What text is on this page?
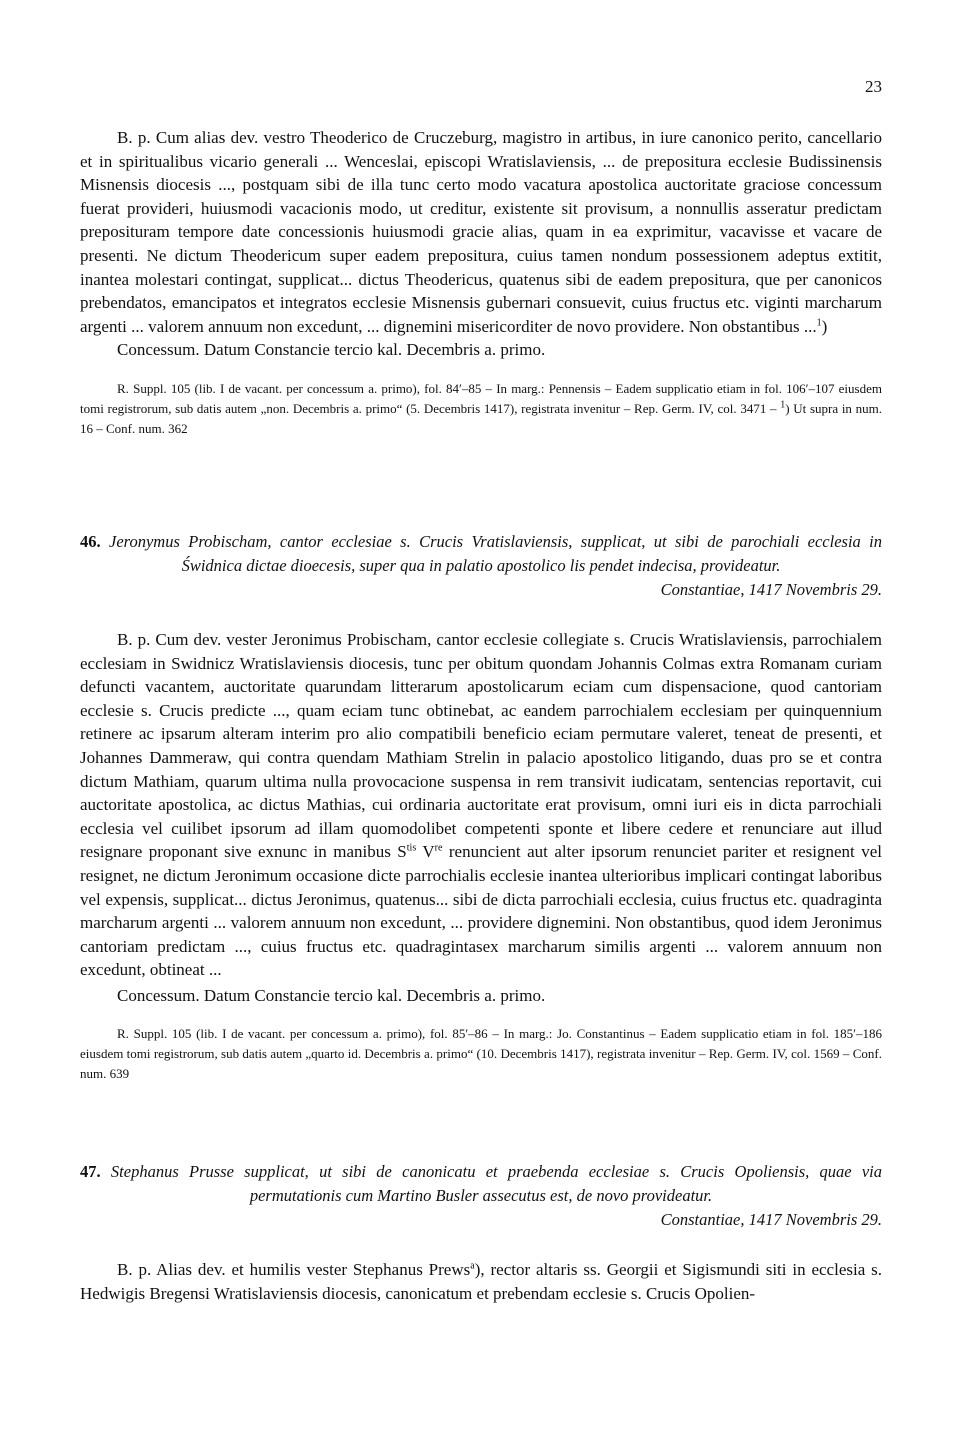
23

B. p. Cum alias dev. vestro Theoderico de Cruczeburg, magistro in artibus, in iure canonico perito, cancellario et in spiritualibus vicario generali ... Wenceslai, episcopi Wratislaviensis, ... de prepositura ecclesie Budissinensis Misnensis diocesis ..., postquam sibi de illa tunc certo modo vacatura apostolica auctoritate graciose concessum fuerat provideri, huiusmodi vacacionis modo, ut creditur, existente sit provisum, a nonnullis asseratur predictam preposituram tempore date concessionis huiusmodi gracie alias, quam in ea exprimitur, vacavisse et vacare de presenti. Ne dictum Theodericum super eadem prepositura, cuius tamen nondum possessionem adeptus extitit, inantea molestari contingat, supplicat... dictus Theodericus, quatenus sibi de eadem prepositura, que per canonicos prebendatos, emancipatos et integratos ecclesie Misnensis gubernari consuevit, cuius fructus etc. viginti marcharum argenti ... valorem annuum non excedunt, ... dignemini misericorditer de novo providere. Non obstantibus ...$^1$)

Concessum. Datum Constancie tercio kal. Decembris a. primo.

R. Suppl. 105 (lib. I de vacant. per concessum a. primo), fol. 84′–85 – In marg.: Pennensis – Eadem supplicatio etiam in fol. 106′–107 eiusdem tomi registrorum, sub datis autem „non. Decembris a. primo“ (5. Decembris 1417), registrata invenitur – Rep. Germ. IV, col. 3471 – $^1$) Ut supra in num. 16 – Conf. num. 362

46. Jeronymus Probischam, cantor ecclesiae s. Crucis Vratislaviensis, supplicat, ut sibi de parochiali ecclesia in Świdnica dictae dioecesis, super qua in palatio apostolico lis pendet indecisa, provideatur.

Constantiae, 1417 Novembris 29.

B. p. Cum dev. vester Jeronimus Probischam, cantor ecclesie collegiate s. Crucis Wratislaviensis, parrochialem ecclesiam in Swidnicz Wratislaviensis diocesis, tunc per obitum quondam Johannis Colmas extra Romanam curiam defuncti vacantem, auctoritate quarundam litterarum apostolicarum eciam cum dispensacione, quod cantoriam ecclesie s. Crucis predicte ..., quam eciam tunc obtinebat, ac eandem parrochialem ecclesiam per quinquennium retinere ac ipsarum alteram interim pro alio compatibili beneficio eciam permutare valeret, teneat de presenti, et Johannes Dammeraw, qui contra quendam Mathiam Strelin in palacio apostolico litigando, duas pro se et contra dictum Mathiam, quarum ultima nulla provocacione suspensa in rem transivit iudicatam, sentencias reportavit, cui auctoritate apostolica, ac dictus Mathias, cui ordinaria auctoritate erat provisum, omni iuri eis in dicta parrochiali ecclesia vel cuilibet ipsorum ad illam quomodolibet competenti sponte et libere cedere et renunciare aut illud resignare proponant sive exnunc in manibus $S^{tis}$ Vre renuncient aut alter ipsorum renunciet pariter et resignent vel resignet, ne dictum Jeronimum occasione dicte parrochialis ecclesie inantea ulterioribus implicari contingat laboribus vel expensis, supplicat... dictus Jeronimus, quatenus... sibi de dicta parrochiali ecclesia, cuius fructus etc. quadraginta marcharum argenti ... valorem annuum non excedunt, ... providere dignemini. Non obstantibus, quod idem Jeronimus cantoriam predictam ..., cuius fructus etc. quadragintasex marcharum similis argenti ... valorem annuum non excedunt, obtineat ...

Concessum. Datum Constancie tercio kal. Decembris a. primo.

R. Suppl. 105 (lib. I de vacant. per concessum a. primo), fol. 85′–86 – In marg.: Jo. Constantinus – Eadem supplicatio etiam in fol. 185′–186 eiusdem tomi registrorum, sub datis autem „quarto id. Decembris a. primo“ (10. Decembris 1417), registrata invenitur – Rep. Germ. IV, col. 1569 – Conf. num. 639

47. Stephanus Prusse supplicat, ut sibi de canonicatu et praebenda ecclesiae s. Crucis Opoliensis, quae via permutationis cum Martino Busler assecutus est, de novo provideatur.

Constantiae, 1417 Novembris 29.

B. p. Alias dev. et humilis vester Stephanus Prews$^a$), rector altaris ss. Georgii et Sigismundi siti in ecclesia s. Hedwigis Bregensi Wratislaviensis diocesis, canonicatum et prebendam ecclesie s. Crucis Opolien-
